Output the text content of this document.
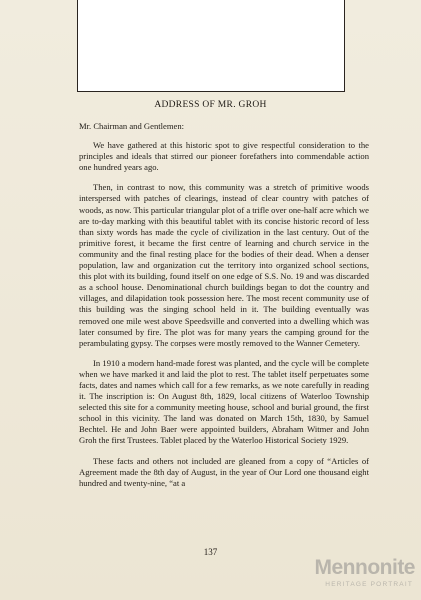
ADDRESS OF MR. GROH

Mr. Chairman and Gentlemen:

We have gathered at this historic spot to give respectful consideration to the principles and ideals that stirred our pioneer forefathers into commendable action one hundred years ago.

Then, in contrast to now, this community was a stretch of primitive woods interspersed with patches of clearings, instead of clear country with patches of woods, as now. This particular triangular plot of a trifle over one-half acre which we are to-day marking with this beautiful tablet with its concise historic record of less than sixty words has made the cycle of civilization in the last century. Out of the primitive forest, it became the first centre of learning and church service in the community and the final resting place for the bodies of their dead. When a denser population, law and organization cut the territory into organized school sections, this plot with its building, found itself on one edge of S.S. No. 19 and was discarded as a school house. Denominational church buildings began to dot the country and villages, and dilapidation took possession here. The most recent community use of this building was the singing school held in it. The building eventually was removed one mile west above Speedsville and converted into a dwelling which was later consumed by fire. The plot was for many years the camping ground for the perambulating gypsy. The corpses were mostly removed to the Wanner Cemetery.

In 1910 a modern hand-made forest was planted, and the cycle will be complete when we have marked it and laid the plot to rest. The tablet itself perpetuates some facts, dates and names which call for a few remarks, as we note carefully in reading it. The inscription is: On August 8th, 1829, local citizens of Waterloo Township selected this site for a community meeting house, school and burial ground, the first school in this vicinity. The land was donated on March 15th, 1830, by Samuel Bechtel. He and John Baer were appointed builders, Abraham Witmer and John Groh the first Trustees. Tablet placed by the Waterloo Historical Society 1929.

These facts and others not included are gleaned from a copy of “Articles of Agreement made the 8th day of August, in the year of Our Lord one thousand eight hundred and twenty-nine, “at a

137
Mennonite
HERITAGE PORTRAIT
